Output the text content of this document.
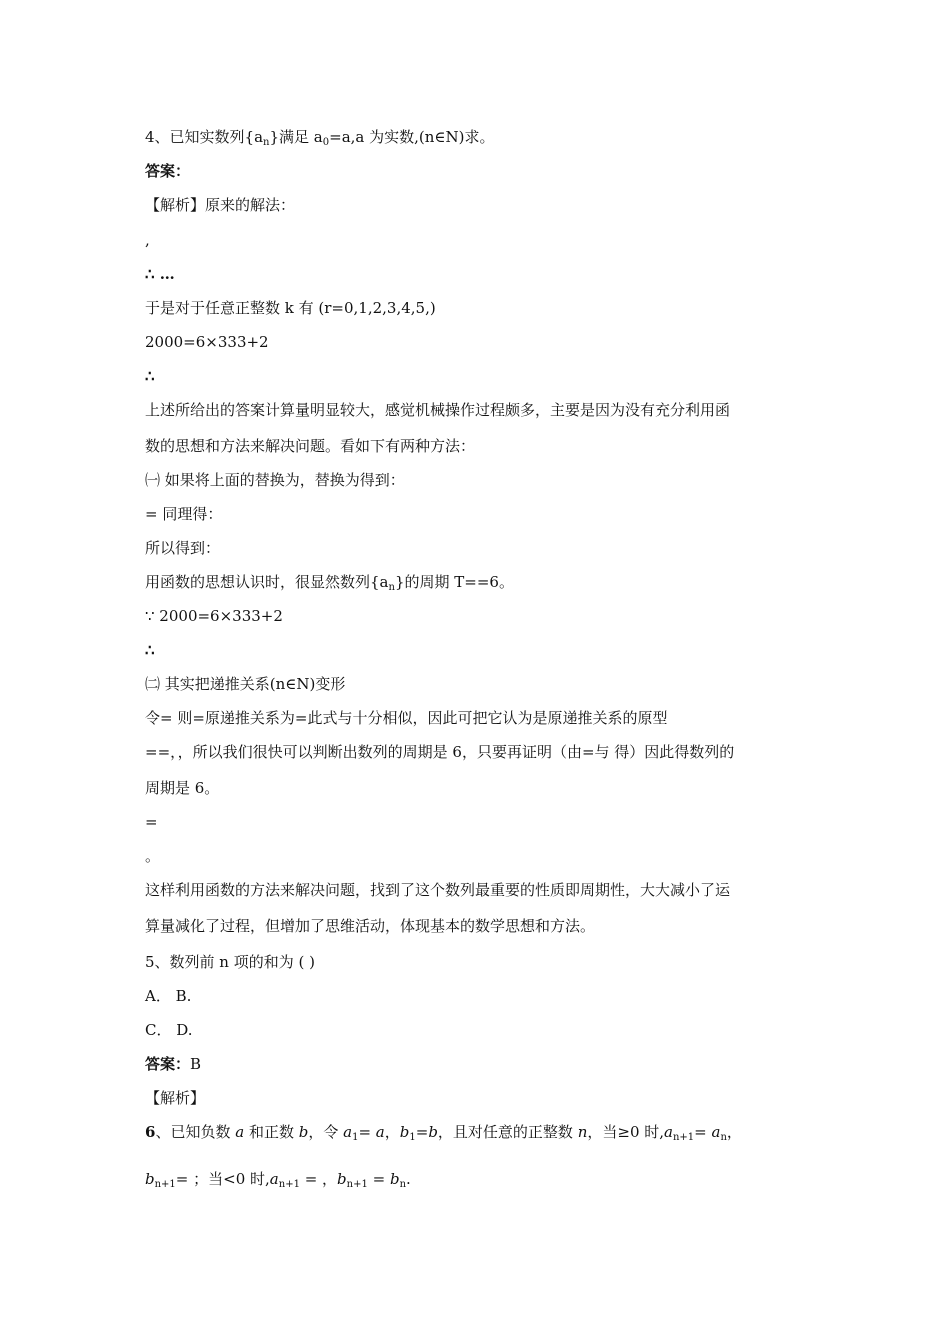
4、已知实数列$\{a_n\}$满足 $a_0=a,a$ 为实数,(n∈N)求。
答案：
【解析】原来的解法：
,
∴ …
于是对于任意正整数 k 有 (r=0,1,2,3,4,5,)
2000=6×333+2
∴
上述所给出的答案计算量明显较大，感觉机械操作过程颇多，主要是因为没有充分利用函
数的思想和方法来解决问题。看如下有两种方法：
㈠ 如果将上面的替换为，替换为得到：
= 同理得：
所以得到：
用函数的思想认识时，很显然数列$\{a_n\}$的周期 T==6。
∵ 2000=6×333+2
∴
㈡ 其实把递推关系(n∈N)变形
令= 则=原递推关系为=此式与十分相似，因此可把它认为是原递推关系的原型
==，，所以我们很快可以判断出数列的周期是 6，只要再证明（由=与 得）因此得数列的
周期是 6。
=
。
这样利用函数的方法来解决问题，找到了这个数列最重要的性质即周期性，大大减小了运
算量减化了过程，但增加了思维活动，体现基本的数学思想和方法。
5、数列前 n 项的和为 ( )
A． B.
C． D.
答案：B
【解析】
6、已知负数 a 和正数 b，令 $a_1= a$，$b_1=b$，且对任意的正整数 n，当≥0 时$,a_{n+1}= a_n$，
$b_{n+1}=$ ；当<0 时$,a_{n+1}$ = ，$b_{n+1} = b_n$.
